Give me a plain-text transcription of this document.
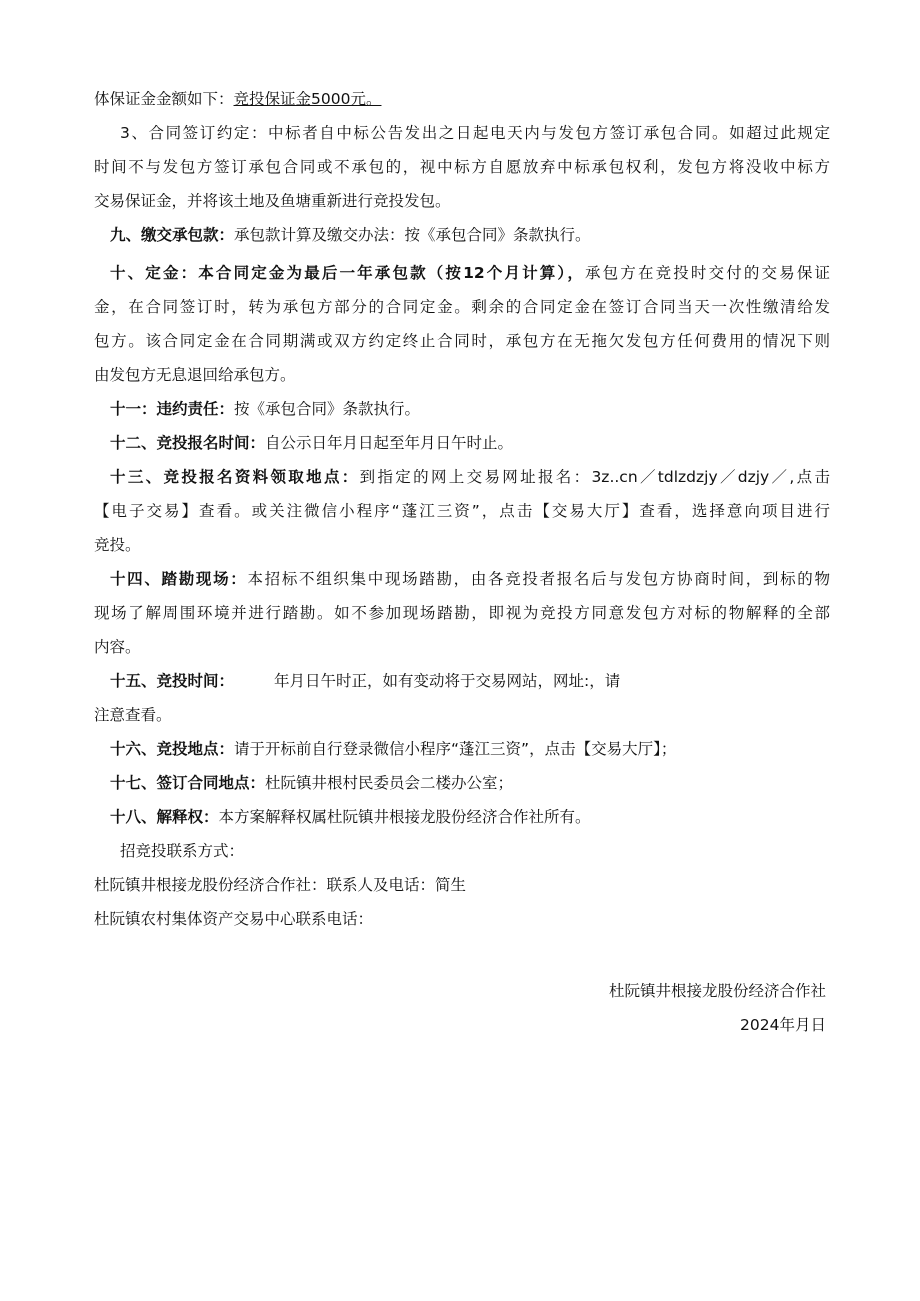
体保证金金额如下：竞投保证金5000元。
3、合同签订约定：中标者自中标公告发出之日起电天内与发包方签订承包合同。如超过此规定
时间不与发包方签订承包合同或不承包的，视中标方自愿放弃中标承包权利，发包方将没收中标方
交易保证金，并将该土地及鱼塘重新进行竞投发包。
九、缴交承包款：承包款计算及缴交办法：按《承包合同》条款执行。
十、定金：本合同定金为最后一年承包款（按12个月计算），承包方在竞投时交付的交易保证
金，在合同签订时，转为承包方部分的合同定金。剩余的合同定金在签订合同当天一次性缴清给发
包方。该合同定金在合同期满或双方约定终止合同时，承包方在无拖欠发包方任何费用的情况下则
由发包方无息退回给承包方。
十一：违约责任：按《承包合同》条款执行。
十二、竞投报名时间：自公示日年月日起至年月日午时止。
十三、竞投报名资料领取地点：到指定的网上交易网址报名：3z..cn／tdlzdzjy／dzjy／,点击
【电子交易】查看。或关注微信小程序“蓬江三资”，点击【交易大厅】查看，选择意向项目进行
竞投。
十四、踏勘现场：本招标不组织集中现场踏勘，由各竞投者报名后与发包方协商时间，到标的物
现场了解周围环境并进行踏勘。如不参加现场踏勘，即视为竞投方同意发包方对标的物解释的全部
内容。
十五、竞投时间：	年月日午时正，如有变动将于交易网站，网址:，请
注意查看。
十六、竞投地点：请于开标前自行登录微信小程序“蓬江三资”，点击【交易大厅】；
十七、签订合同地点：杜阮镇井根村民委员会二楼办公室；
十八、解释权：本方案解释权属杜阮镇井根接龙股份经济合作社所有。
招竞投联系方式：
杜阮镇井根接龙股份经济合作社：联系人及电话：简生
杜阮镇农村集体资产交易中心联系电话：
杜阮镇井根接龙股份经济合作社
2024年月日
